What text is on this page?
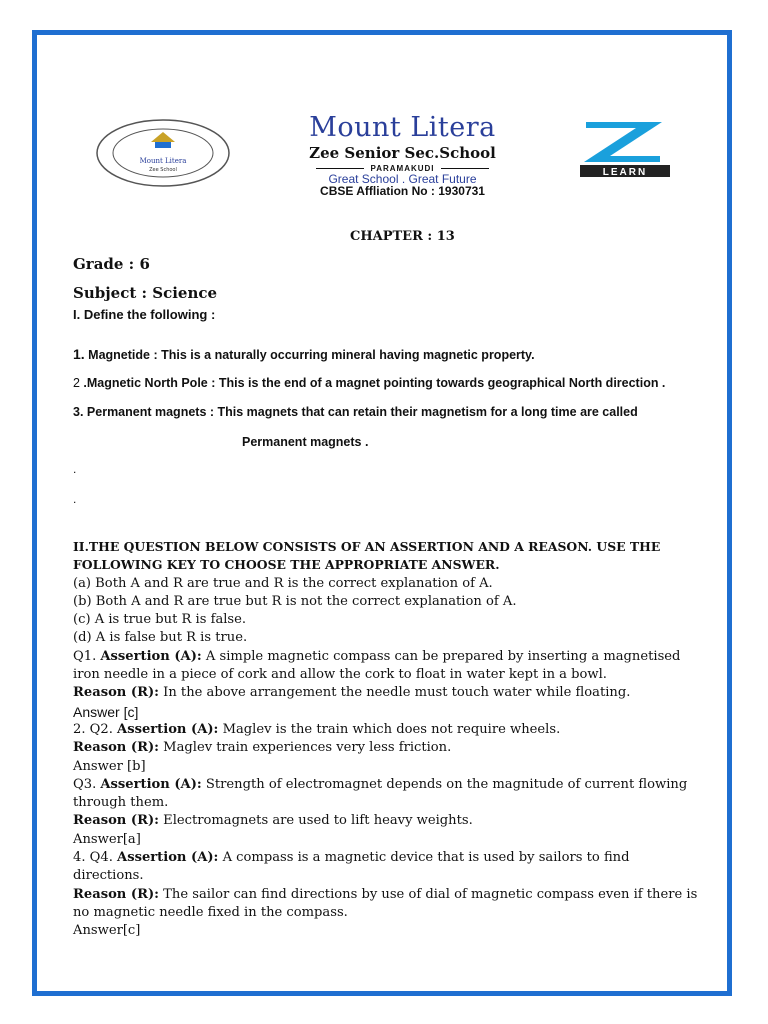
Mount Litera
Zee School
Mount Litera
Zee Senior Sec.School
PARAMAKUDI
Great School . Great Future
CBSE Affliation No : 1930731
LEARN
CHAPTER : 13
Grade : 6
Subject : Science
I. Define the following :
1. Magnetide : This is a naturally occurring mineral having magnetic property.
2 .Magnetic North Pole : This is the end of a magnet pointing towards geographical North direction .
3. Permanent magnets : This magnets that can retain their magnetism for a long time are called
Permanent magnets .
.
.
II.THE QUESTION BELOW CONSISTS OF AN ASSERTION AND A REASON. USE THE
FOLLOWING KEY TO CHOOSE THE APPROPRIATE ANSWER.
(a) Both A and R are true and R is the correct explanation of A.
(b) Both A and R are true but R is not the correct explanation of A.
(c) A is true but R is false.
(d) A is false but R is true.
Q1. Assertion (A): A simple magnetic compass can be prepared by inserting a magnetised
iron needle in a piece of cork and allow the cork to float in water kept in a bowl.
Reason (R): In the above arrangement the needle must touch water while floating.
Answer [c]
2. Q2. Assertion (A): Maglev is the train which does not require wheels.
Reason (R): Maglev train experiences very less friction.
Answer [b]
Q3. Assertion (A): Strength of electromagnet depends on the magnitude of current flowing
through them.
Reason (R): Electromagnets are used to lift heavy weights.
Answer[a]
4. Q4. Assertion (A): A compass is a magnetic device that is used by sailors to find
directions.
Reason (R): The sailor can find directions by use of dial of magnetic compass even if there is
no magnetic needle fixed in the compass.
Answer[c]
